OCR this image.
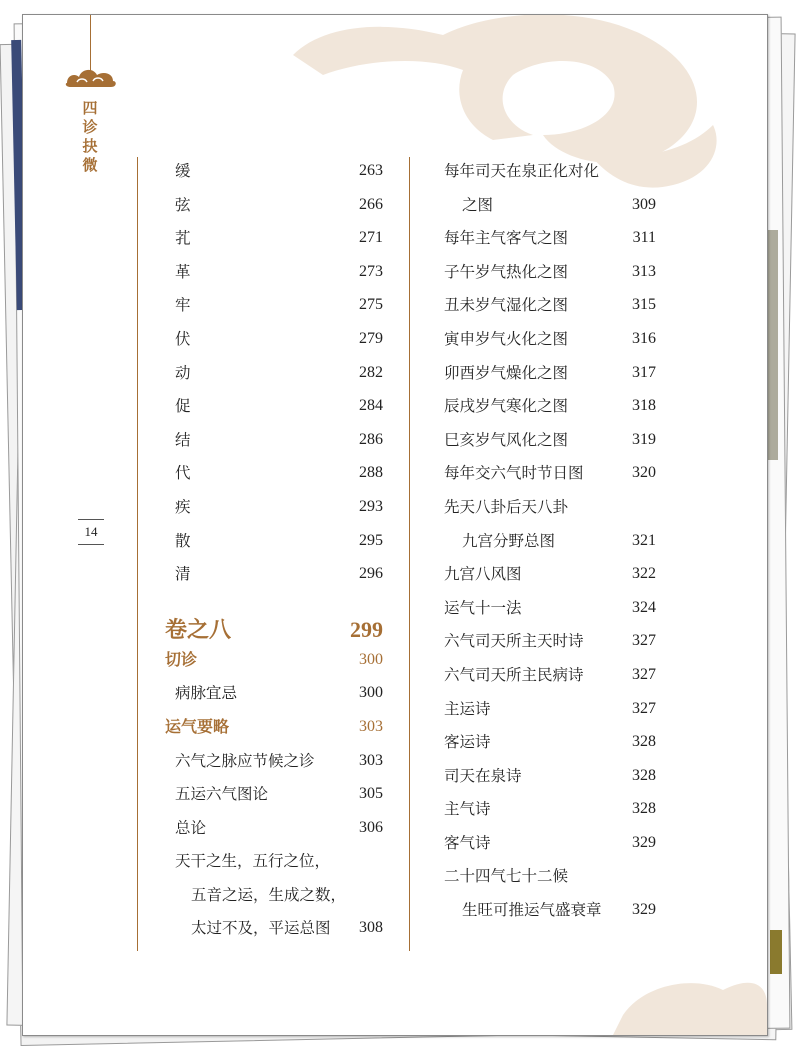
四诊抉微
14
缓	263
弦	266
芤	271
革	273
牢	275
伏	279
动	282
促	284
结	286
代	288
疾	293
散	295
清	296
卷之八	299
切诊	300
病脉宜忌	300
运气要略	303
六气之脉应节候之诊	303
五运六气图论	305
总论	306
天干之生，五行之位，
五音之运，生成之数，
太过不及，平运总图 308
每年司天在泉正化对化
之图	309
每年主气客气之图	311
子午岁气热化之图	313
丑未岁气湿化之图	315
寅申岁气火化之图	316
卯酉岁气燥化之图	317
辰戌岁气寒化之图	318
巳亥岁气风化之图	319
每年交六气时节日图	320
先天八卦后天八卦
九宫分野总图	321
九宫八风图	322
运气十一法	324
六气司天所主天时诗	327
六气司天所主民病诗	327
主运诗	327
客运诗	328
司天在泉诗	328
主气诗	328
客气诗	329
二十四气七十二候
生旺可推运气盛衰章 329
